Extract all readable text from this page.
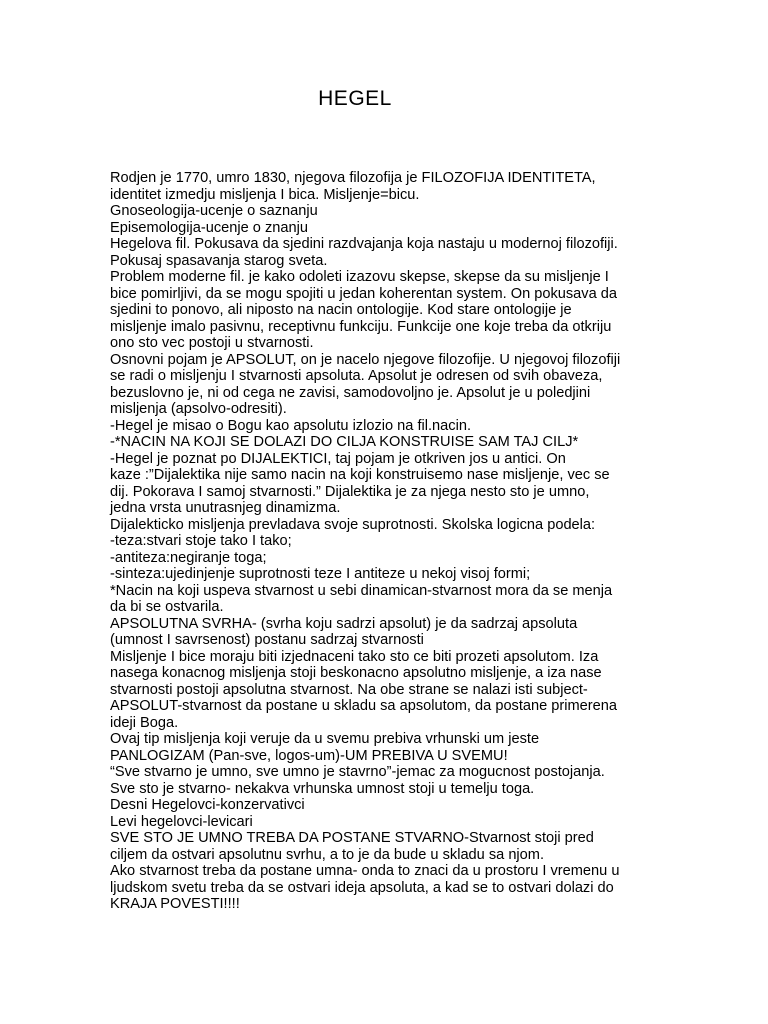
HEGEL
Rodjen je 1770, umro 1830, njegova filozofija je FILOZOFIJA IDENTITETA,
identitet izmedju misljenja I bica. Misljenje=bicu.
Gnoseologija-ucenje o saznanju
Episemologija-ucenje o znanju
Hegelova fil. Pokusava da sjedini razdvajanja koja nastaju u modernoj filozofiji.
Pokusaj spasavanja starog sveta.
Problem moderne fil. je kako odoleti izazovu skepse, skepse da su misljenje I
bice pomirljivi, da se mogu spojiti u jedan koherentan system. On pokusava da
sjedini to ponovo, ali niposto na nacin ontologije. Kod stare ontologije je
misljenje imalo pasivnu, receptivnu funkciju. Funkcije one koje treba da otkriju
ono sto vec postoji u stvarnosti.
Osnovni pojam je APSOLUT, on je nacelo njegove filozofije. U njegovoj filozofiji
se radi o misljenju I stvarnosti apsoluta. Apsolut je odresen od svih obaveza,
bezuslovno je, ni od cega ne zavisi, samodovoljno je. Apsolut je u poledjini
misljenja (apsolvo-odresiti).
-Hegel je misao o Bogu kao apsolutu izlozio na fil.nacin.
-*NACIN NA KOJI SE DOLAZI DO CILJA KONSTRUISE SAM TAJ CILJ*
-Hegel je poznat po DIJALEKTICI, taj pojam je otkriven jos u antici. On
kaze :”Dijalektika nije samo nacin na koji konstruisemo nase misljenje, vec se
dij. Pokorava I samoj stvarnosti.” Dijalektika je za njega nesto sto je umno,
jedna vrsta unutrasnjeg dinamizma.
Dijalekticko misljenja prevladava svoje suprotnosti. Skolska logicna podela:
-teza:stvari stoje tako I tako;
-antiteza:negiranje toga;
-sinteza:ujedinjenje suprotnosti teze I antiteze u nekoj visoj formi;
*Nacin na koji uspeva stvarnost u sebi dinamican-stvarnost mora da se menja
da bi se ostvarila.
APSOLUTNA SVRHA- (svrha koju sadrzi apsolut) je da sadrzaj apsoluta
(umnost I savrsenost) postanu sadrzaj stvarnosti
Misljenje I bice moraju biti izjednaceni tako sto ce biti prozeti apsolutom. Iza
nasega konacnog misljenja stoji beskonacno apsolutno misljenje, a iza nase
stvarnosti postoji apsolutna stvarnost. Na obe strane se nalazi isti subject-
APSOLUT-stvarnost da postane u skladu sa apsolutom, da postane primerena
ideji Boga.
Ovaj tip misljenja koji veruje da u svemu prebiva vrhunski um jeste
PANLOGIZAM (Pan-sve, logos-um)-UM PREBIVA U SVEMU!
“Sve stvarno je umno, sve umno je stavrno”-jemac za mogucnost postojanja.
Sve sto je stvarno- nekakva vrhunska umnost stoji u temelju toga.
Desni Hegelovci-konzervativci
Levi hegelovci-levicari
SVE STO JE UMNO TREBA DA POSTANE STVARNO-Stvarnost stoji pred
ciljem da ostvari apsolutnu svrhu, a to je da bude u skladu sa njom.
Ako stvarnost treba da postane umna- onda to znaci da u prostoru I vremenu u
ljudskom svetu treba da se ostvari ideja apsoluta, a kad se to ostvari dolazi do
KRAJA POVESTI!!!!
